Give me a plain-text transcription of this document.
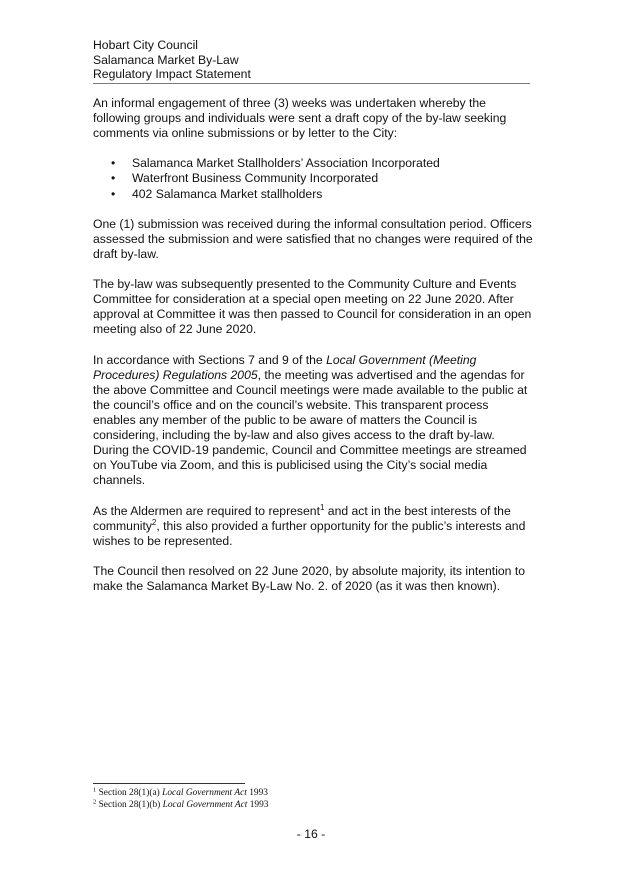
Hobart City Council
Salamanca Market By-Law
Regulatory Impact Statement

An informal engagement of three (3) weeks was undertaken whereby the following groups and individuals were sent a draft copy of the by-law seeking comments via online submissions or by letter to the City:

• Salamanca Market Stallholders’ Association Incorporated
• Waterfront Business Community Incorporated
• 402 Salamanca Market stallholders

One (1) submission was received during the informal consultation period. Officers assessed the submission and were satisfied that no changes were required of the draft by-law.

The by-law was subsequently presented to the Community Culture and Events Committee for consideration at a special open meeting on 22 June 2020. After approval at Committee it was then passed to Council for consideration in an open meeting also of 22 June 2020.

In accordance with Sections 7 and 9 of the Local Government (Meeting Procedures) Regulations 2005, the meeting was advertised and the agendas for the above Committee and Council meetings were made available to the public at the council’s office and on the council’s website. This transparent process enables any member of the public to be aware of matters the Council is considering, including the by-law and also gives access to the draft by-law. During the COVID-19 pandemic, Council and Committee meetings are streamed on YouTube via Zoom, and this is publicised using the City’s social media channels.

As the Aldermen are required to represent$^1$ and act in the best interests of the community$^2$, this also provided a further opportunity for the public’s interests and wishes to be represented.

The Council then resolved on 22 June 2020, by absolute majority, its intention to make the Salamanca Market By-Law No. 2. of 2020 (as it was then known).

$^1$ Section 28(1)(a) Local Government Act 1993
$^2$ Section 28(1)(b) Local Government Act 1993
- 16 -
